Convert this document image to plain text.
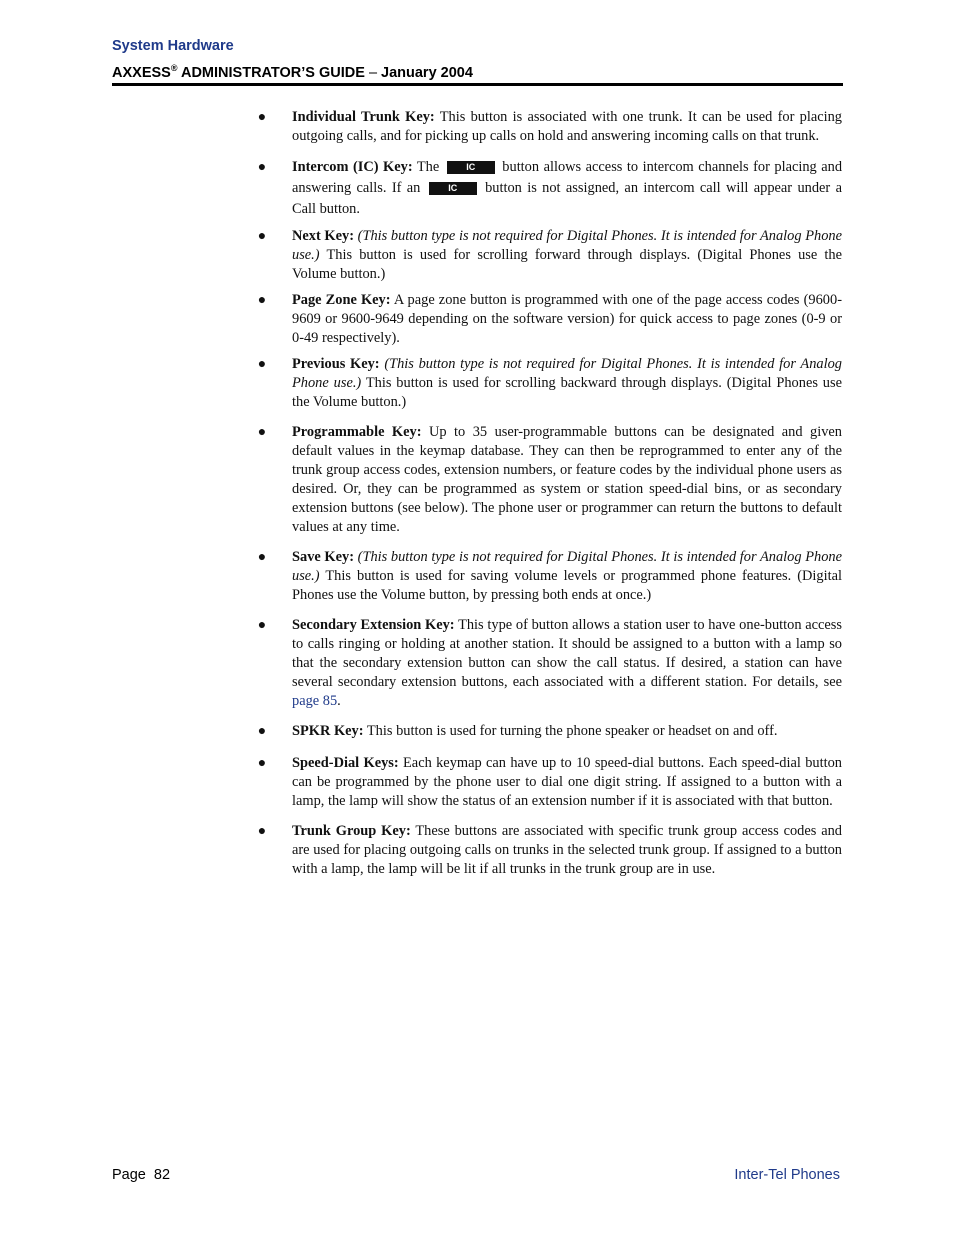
System Hardware
AXXESS® ADMINISTRATOR’S GUIDE – January 2004
● Individual Trunk Key: This button is associated with one trunk. It can be used for placing outgoing calls, and for picking up calls on hold and answering incoming calls on that trunk.
● Intercom (IC) Key: The	IC button allows access to intercom channels for placing and answering calls. If an	IC button is not assigned, an intercom call will appear under a Call button.
● Next Key: (This button type is not required for Digital Phones. It is intended for Analog Phone use.) This button is used for scrolling forward through displays. (Digital Phones use the Volume button.)
● Page Zone Key: A page zone button is programmed with one of the page access codes (9600-9609 or 9600-9649 depending on the software version) for quick access to page zones (0-9 or 0-49 respectively).
● Previous Key: (This button type is not required for Digital Phones. It is intended for Analog Phone use.) This button is used for scrolling backward through displays. (Digital Phones use the Volume button.)
● Programmable Key: Up to 35 user-programmable buttons can be designated and given default values in the keymap database. They can then be reprogrammed to enter any of the trunk group access codes, extension numbers, or feature codes by the individual phone users as desired. Or, they can be programmed as system or station speed-dial bins, or as secondary extension buttons (see below). The phone user or programmer can return the buttons to default values at any time.
● Save Key: (This button type is not required for Digital Phones. It is intended for Analog Phone use.) This button is used for saving volume levels or programmed phone features. (Digital Phones use the Volume button, by pressing both ends at once.)
● Secondary Extension Key: This type of button allows a station user to have one-button access to calls ringing or holding at another station. It should be assigned to a button with a lamp so that the secondary extension button can show the call status. If desired, a station can have several secondary extension buttons, each associated with a different station. For details, see page 85.
● SPKR Key: This button is used for turning the phone speaker or headset on and off.
● Speed-Dial Keys: Each keymap can have up to 10 speed-dial buttons. Each speed-dial button can be programmed by the phone user to dial one digit string. If assigned to a button with a lamp, the lamp will show the status of an extension number if it is associated with that button.
● Trunk Group Key: These buttons are associated with specific trunk group access codes and are used for placing outgoing calls on trunks in the selected trunk group. If assigned to a button with a lamp, the lamp will be lit if all trunks in the trunk group are in use.
Page  82	Inter-Tel Phones
